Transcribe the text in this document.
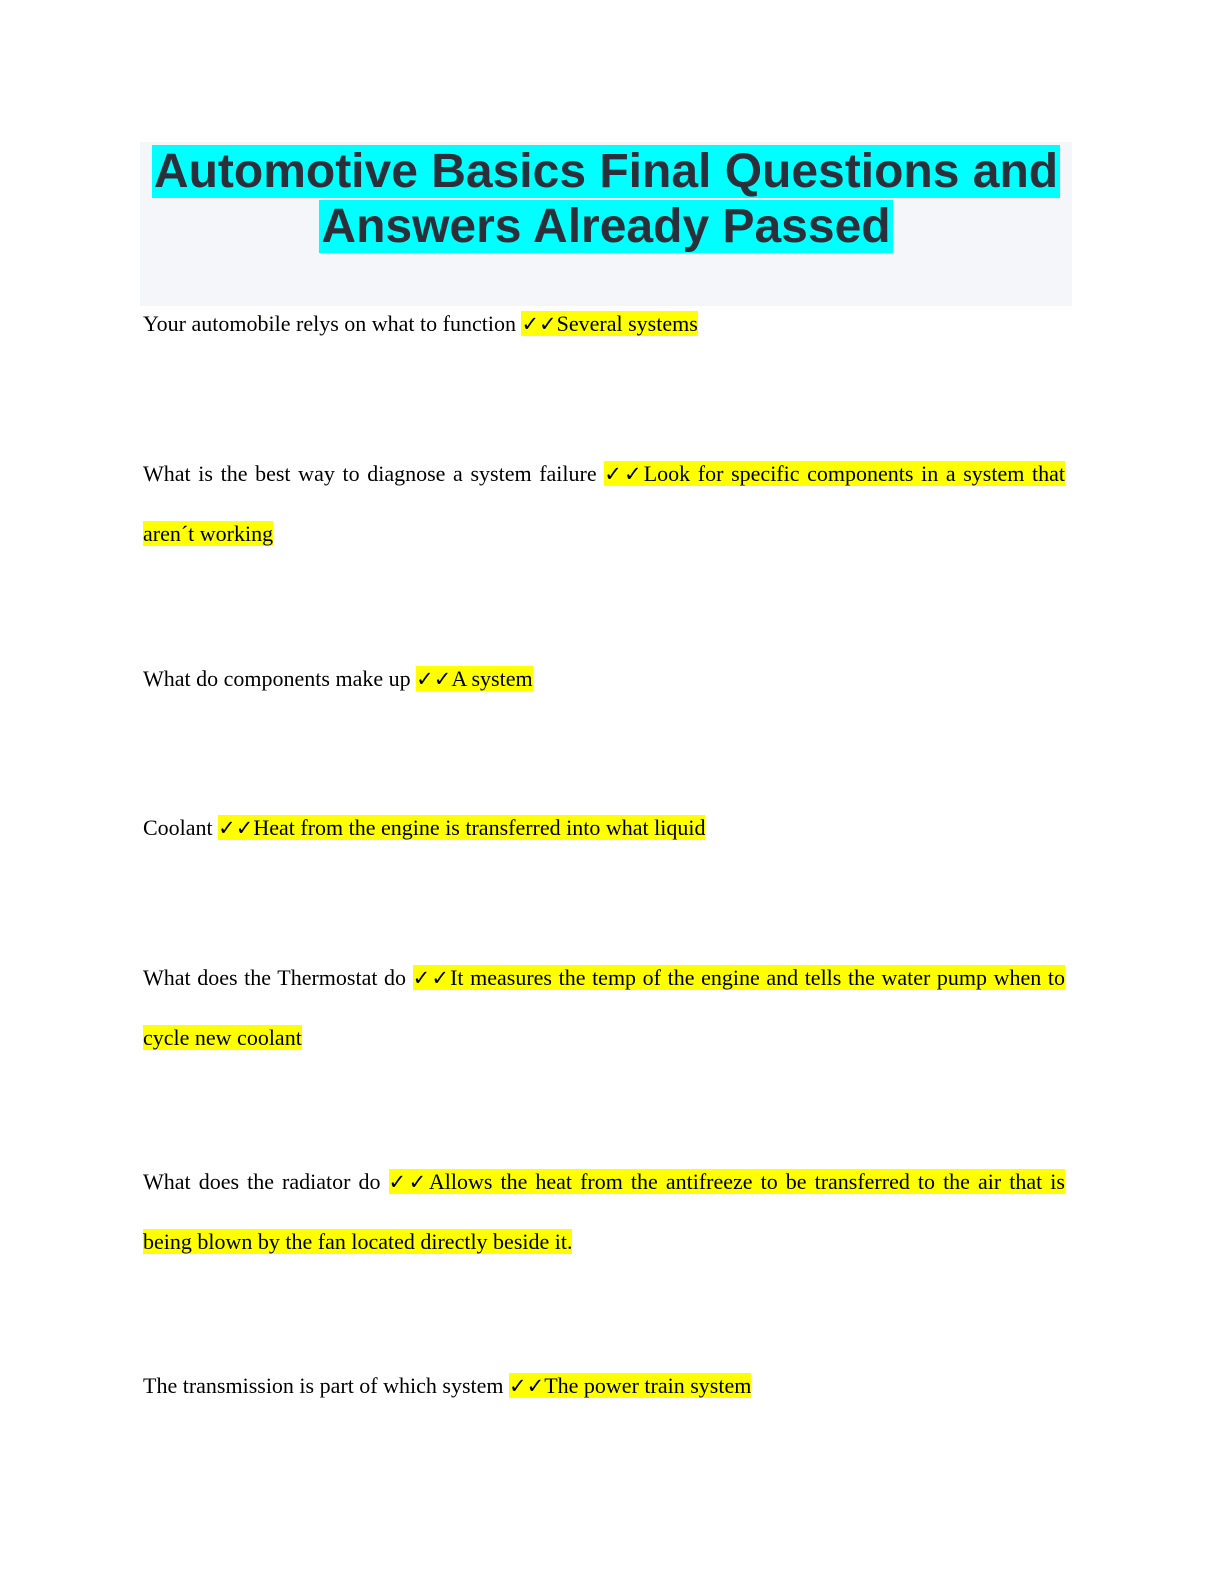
Automotive Basics Final Questions and
Answers Already Passed

Your automobile relys on what to function ✓✓Several systems

What is the best way to diagnose a system failure ✓✓Look for specific components in a system that aren´t working

What do components make up ✓✓A system

Coolant ✓✓Heat from the engine is transferred into what liquid

What does the Thermostat do ✓✓It measures the temp of the engine and tells the water pump when to cycle new coolant

What does the radiator do ✓✓Allows the heat from the antifreeze to be transferred to the air that is being blown by the fan located directly beside it.

The transmission is part of which system ✓✓The power train system
